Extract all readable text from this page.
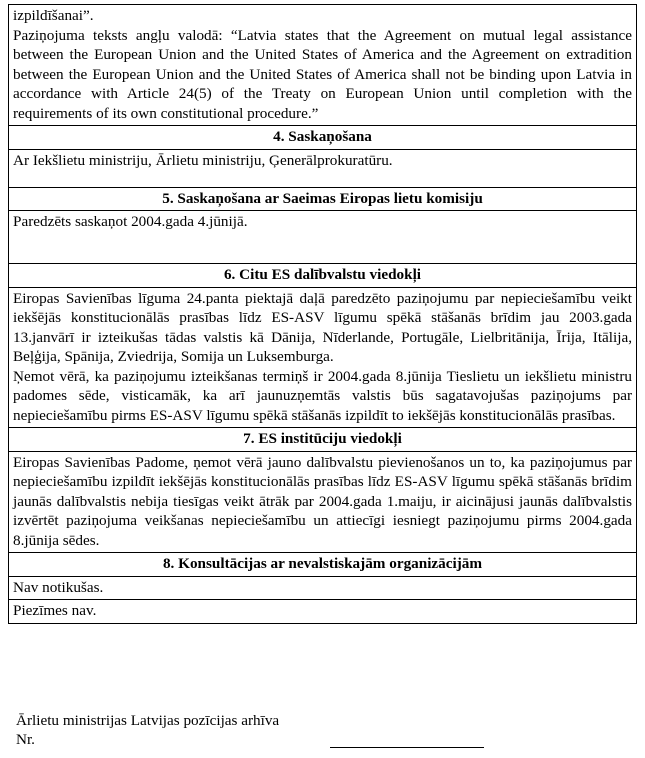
izpildīšanai”.

Paziņojuma teksts angļu valodā: “Latvia states that the Agreement on mutual legal assistance between the European Union and the United States of America and the Agreement on extradition between the European Union and the United States of America shall not be binding upon Latvia in accordance with Article 24(5) of the Treaty on European Union until completion with the requirements of its own constitutional procedure.”

4. Saskaņošana

Ar Iekšlietu ministriju, Ārlietu ministriju, Ģenerālprokuratūru.

5. Saskaņošana ar Saeimas Eiropas lietu komisiju

Paredzēts saskaņot 2004.gada 4.jūnijā.

6. Citu ES dalībvalstu viedokļi

Eiropas Savienības līguma 24.panta piektajā daļā paredzēto paziņojumu par nepieciešamību veikt iekšējās konstitucionālās prasības līdz ES-ASV līgumu spēkā stāšanās brīdim jau 2003.gada 13.janvārī ir izteikušas tādas valstis kā Dānija, Nīderlande, Portugāle, Lielbritānija, Īrija, Itālija, Beļģija, Spānija, Zviedrija, Somija un Luksemburga.

Ņemot vērā, ka paziņojumu izteikšanas termiņš ir 2004.gada 8.jūnija Tieslietu un iekšlietu ministru padomes sēde, visticamāk, ka arī jaunuzņemtās valstis būs sagatavojušas paziņojums par nepieciešamību pirms ES-ASV līgumu spēkā stāšanās izpildīt to iekšējās konstitucionālās prasības.

7. ES institūciju viedokļi

Eiropas Savienības Padome, ņemot vērā jauno dalībvalstu pievienošanos un to, ka paziņojumus par nepieciešamību izpildīt iekšējās konstitucionālās prasības līdz ES-ASV līgumu spēkā stāšanās brīdim jaunās dalībvalstis nebija tiesīgas veikt ātrāk par 2004.gada 1.maiju, ir aicinājusi jaunās dalībvalstis izvērtēt paziņojuma veikšanas nepieciešamību un attiecīgi iesniegt paziņojumu pirms 2004.gada 8.jūnija sēdes.

8. Konsultācijas ar nevalstiskajām organizācijām
Nav notikušas.
Piezīmes nav.

Ārlietu ministrijas Latvijas pozīcijas arhīva

Nr.
